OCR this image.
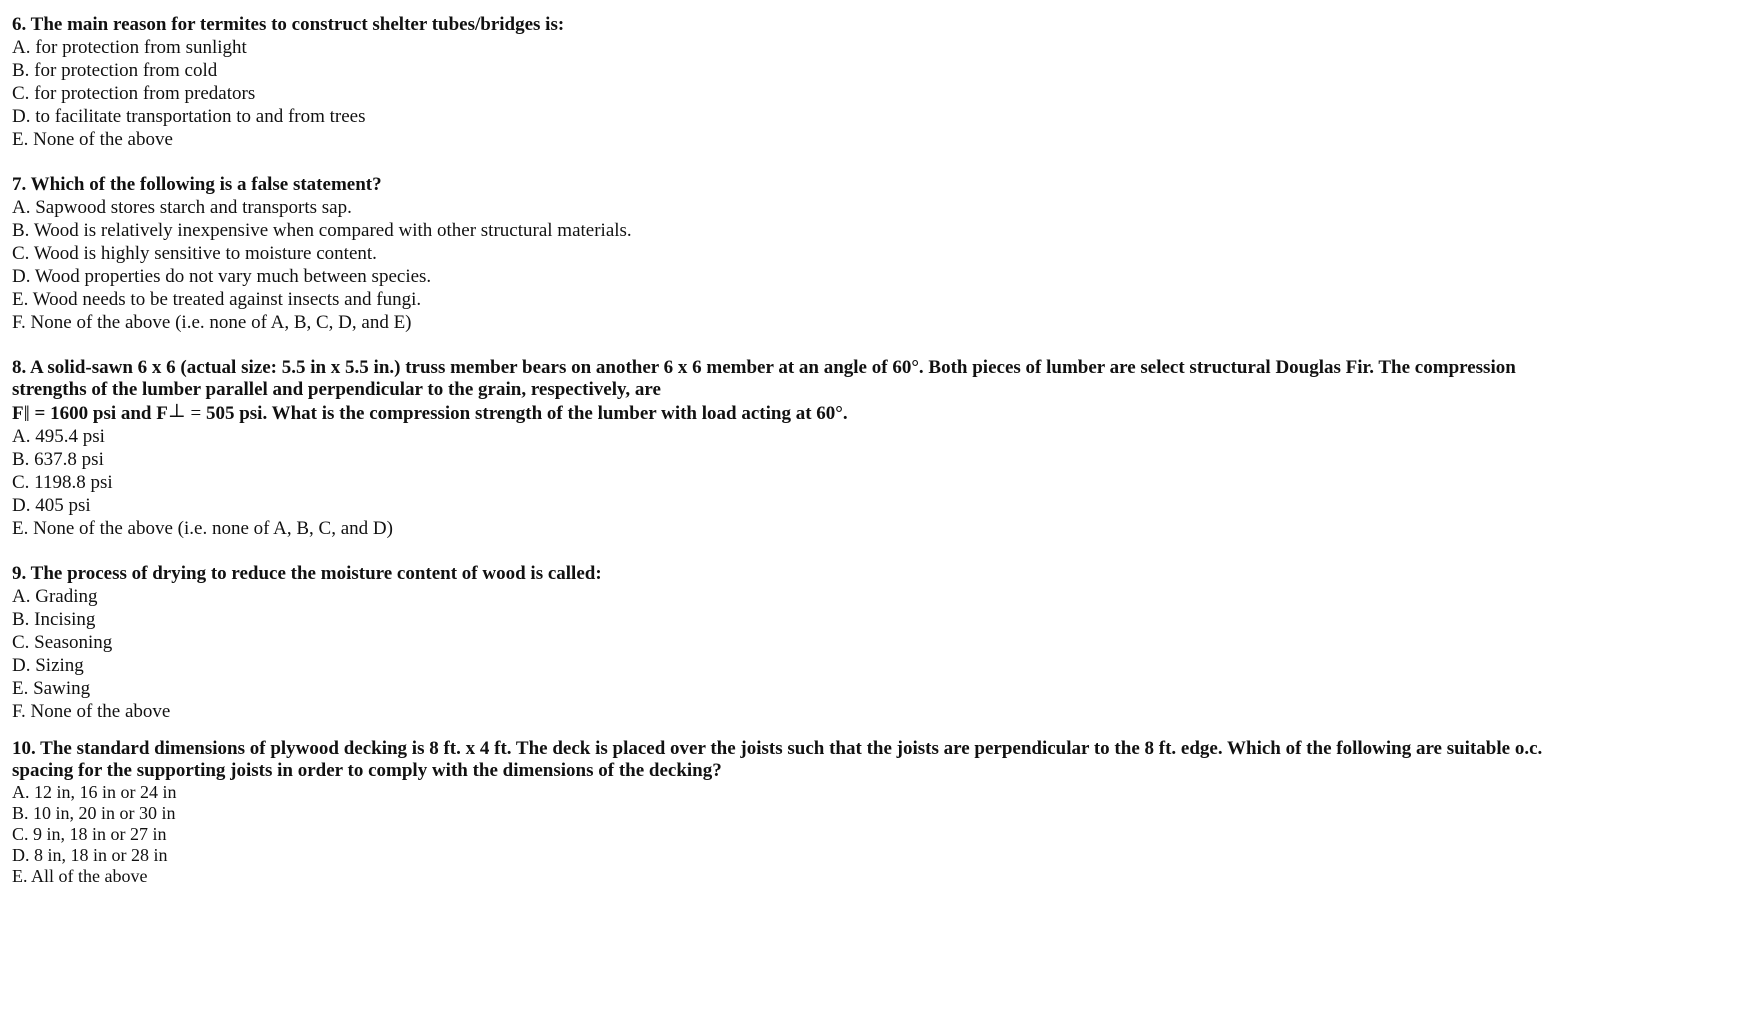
6. The main reason for termites to construct shelter tubes/bridges is:

A. for protection from sunlight
B. for protection from cold
C. for protection from predators
D. to facilitate transportation to and from trees
E. None of the above

7. Which of the following is a false statement?

A. Sapwood stores starch and transports sap.
B. Wood is relatively inexpensive when compared with other structural materials.
C. Wood is highly sensitive to moisture content.
D. Wood properties do not vary much between species.
E. Wood needs to be treated against insects and fungi.
F. None of the above (i.e. none of A, B, C, D, and E)

8. A solid-sawn 6 x 6 (actual size: 5.5 in x 5.5 in.) truss member bears on another 6 x 6 member at an angle of 60°. Both pieces of lumber are select structural Douglas Fir. The compression
strengths of the lumber parallel and perpendicular to the grain, respectively, are
F‖ = 1600 psi and F⊥ = 505 psi. What is the compression strength of the lumber with load acting at 60°.

A. 495.4 psi
B. 637.8 psi
C. 1198.8 psi
D. 405 psi
E. None of the above (i.e. none of A, B, C, and D)

9. The process of drying to reduce the moisture content of wood is called:

A. Grading
B. Incising
C. Seasoning
D. Sizing
E. Sawing
F. None of the above

10. The standard dimensions of plywood decking is 8 ft. x 4 ft. The deck is placed over the joists such that the joists are perpendicular to the 8 ft. edge. Which of the following are suitable o.c.
spacing for the supporting joists in order to comply with the dimensions of the decking?

A. 12 in, 16 in or 24 in
B. 10 in, 20 in or 30 in
C. 9 in, 18 in or 27 in
D. 8 in, 18 in or 28 in
E. All of the above
